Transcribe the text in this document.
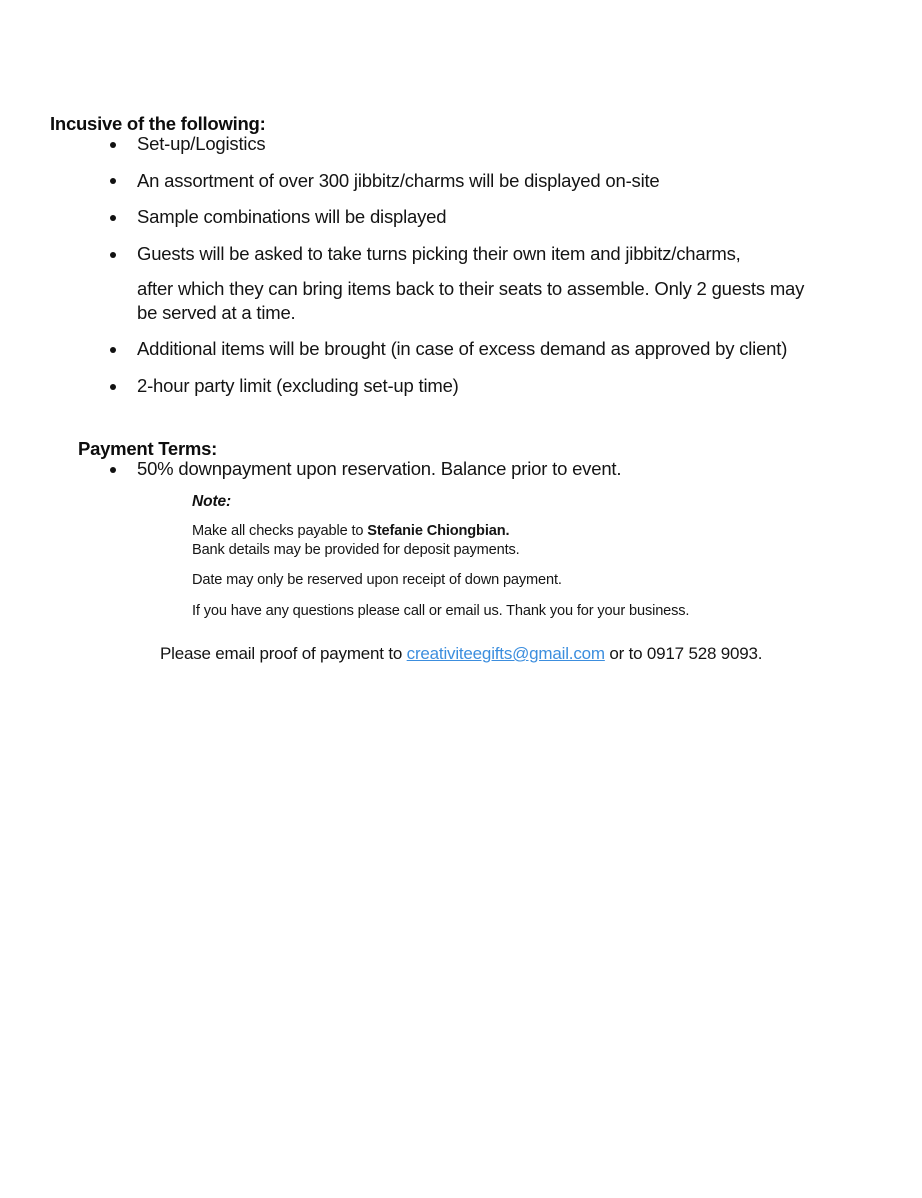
Incusive of the following:
Set-up/Logistics
An assortment of over 300 jibbitz/charms will be displayed on-site
Sample combinations will be displayed
Guests will be asked to take turns picking their own item and jibbitz/charms,
after which they can bring items back to their seats to assemble. Only 2 guests may
be served at a time.
Additional items will be brought (in case of excess demand as approved by client)
2-hour party limit (excluding set-up time)
Payment Terms:
50% downpayment upon reservation. Balance prior to event.
Note:
Make all checks payable to Stefanie Chiongbian.
Bank details may be provided for deposit payments.
Date may only be reserved upon receipt of down payment.
If you have any questions please call or email us. Thank you for your business.
Please email proof of payment to creativiteegifts@gmail.com or to 0917 528 9093.
